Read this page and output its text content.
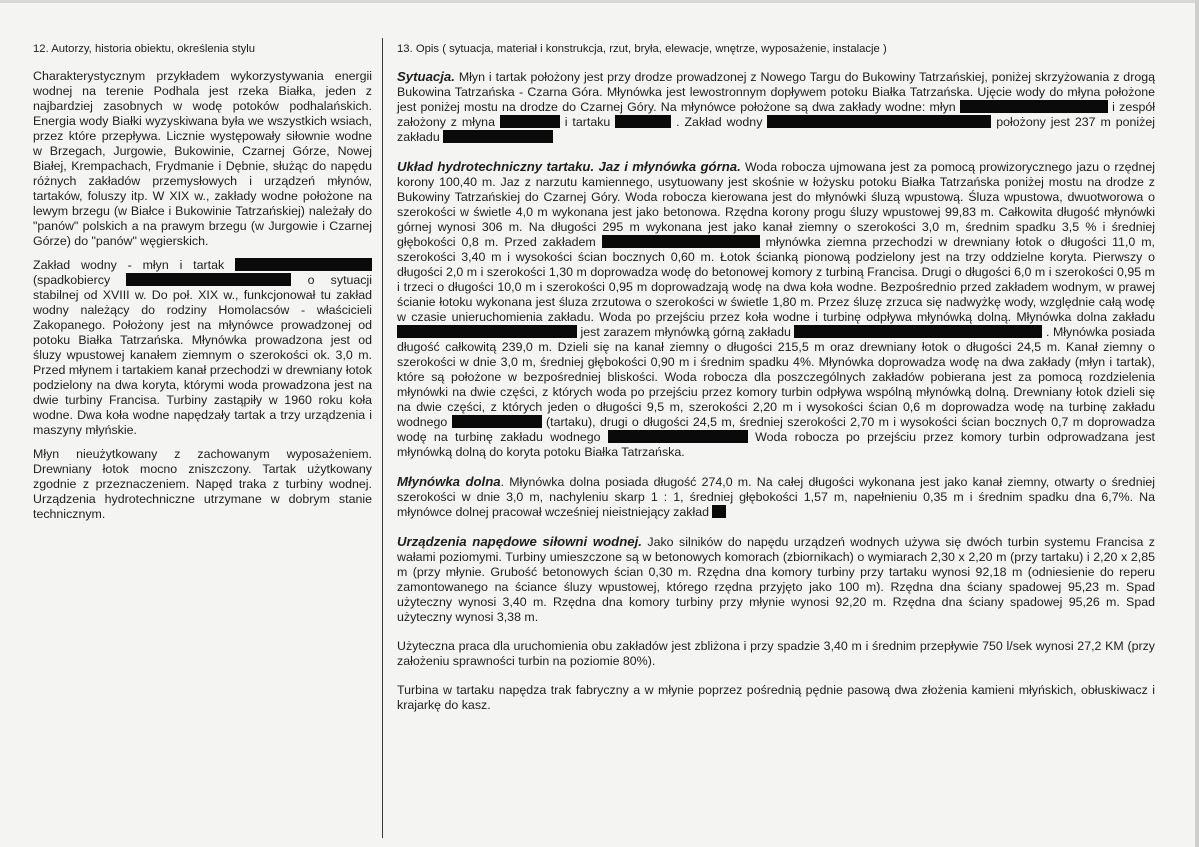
12. Autorzy, historia obiektu, określenia stylu

Charakterystycznym przykładem wykorzystywania energii wodnej na terenie Podhala jest rzeka Białka, jeden z najbardziej zasobnych w wodę potoków podhalańskich. Energia wody Białki wyzyskiwana była we wszystkich wsiach, przez które przepływa. Licznie występowały siłownie wodne w Brzegach, Jurgowie, Bukowinie, Czarnej Górze, Nowej Białej, Krempachach, Frydmanie i Dębnie, służąc do napędu różnych zakładów przemysłowych i urządzeń młynów, tartaków, foluszy itp. W XIX w., zakłady wodne położone na lewym brzegu (w Białce i Bukowinie Tatrzańskiej) należały do "panów" polskich a na prawym brzegu (w Jurgowie i Czarnej Górze) do "panów" węgierskich.

Zakład wodny - młyn i tartak  (spadkobiercy	o sytuacji stabilnej od XVIII w. Do poł. XIX w., funkcjonował tu zakład wodny należący do rodziny Homolacsów - właścicieli Zakopanego. Położony jest na młynówce prowadzonej od potoku Białka Tatrzańska. Młynówka prowadzona jest od śluzy wpustowej kanałem ziemnym o szerokości ok. 3,0 m. Przed młynem i tartakiem kanał przechodzi w drewniany łotok podzielony na dwa koryta, którymi woda prowadzona jest na dwie turbiny Francisa. Turbiny zastąpiły w 1960 roku koła wodne. Dwa koła wodne napędzały tartak a trzy urządzenia i maszyny młyńskie.

Młyn nieużytkowany z zachowanym wyposażeniem. Drewniany łotok mocno zniszczony. Tartak użytkowany zgodnie z przeznaczeniem. Napęd traka z turbiny wodnej. Urządzenia hydrotechniczne utrzymane w dobrym stanie technicznym.

13. Opis ( sytuacja, materiał i konstrukcja, rzut, bryła, elewacje, wnętrze, wyposażenie, instalacje )

Sytuacja. Młyn i tartak położony jest przy drodze prowadzonej z Nowego Targu do Bukowiny Tatrzańskiej, poniżej skrzyżowania z drogą Bukowina Tatrzańska - Czarna Góra. Młynówka jest lewostronnym dopływem potoku Białka Tatrzańska. Ujęcie wody do młyna położone jest poniżej mostu na drodze do Czarnej Góry. Na młynówce położone są dwa zakłady wodne: młyn	i zespół założony z młyna	i tartaku	. Zakład wodny	położony jest 237 m poniżej zakładu

Układ hydrotechniczny tartaku. Jaz i młynówka górna. Woda robocza ujmowana jest za pomocą prowizorycznego jazu o rzędnej korony 100,40 m. Jaz z narzutu kamiennego, usytuowany jest skośnie w łożysku potoku Białka Tatrzańska poniżej mostu na drodze z Bukowiny Tatrzańskiej do Czarnej Góry. Woda robocza kierowana jest do młynówki śluzą wpustową. Śluza wpustowa, dwuotworowa o szerokości w świetle 4,0 m wykonana jest jako betonowa. Rzędna korony progu śluzy wpustowej 99,83 m. Całkowita długość młynówki górnej wynosi 306 m. Na długości 295 m wykonana jest jako kanał ziemny o szerokości 3,0 m, średnim spadku 3,5 % i średniej głębokości 0,8 m. Przed zakładem	młynówka ziemna przechodzi w drewniany łotok o długości 11,0 m, szerokości 3,40 m i wysokości ścian bocznych 0,60 m. Łotok ścianką pionową podzielony jest na trzy oddzielne koryta. Pierwszy o długości 2,0 m i szerokości 1,30 m doprowadza wodę do betonowej komory z turbiną Francisa. Drugi o długości 6,0 m i szerokości 0,95 m i trzeci o długości 10,0 m i szerokości 0,95 m doprowadzają wodę na dwa koła wodne. Bezpośrednio przed zakładem wodnym, w prawej ścianie łotoku wykonana jest śluza zrzutowa o szerokości w świetle 1,80 m. Przez śluzę zrzuca się nadwyżkę wody, względnie całą wodę w czasie unieruchomienia zakładu. Woda po przejściu przez koła wodne i turbinę odpływa młynówką dolną. Młynówka dolna zakładu  jest zarazem młynówką górną zakładu	. Młynówka posiada długość całkowitą 239,0 m. Dzieli się na kanał ziemny o długości 215,5 m oraz drewniany łotok o długości 24,5 m. Kanał ziemny o szerokości w dnie 3,0 m, średniej głębokości 0,90 m i średnim spadku 4%. Młynówka doprowadza wodę na dwa zakłady (młyn i tartak), które są położone w bezpośredniej bliskości. Woda robocza dla poszczególnych zakładów pobierana jest za pomocą rozdzielenia młynówki na dwie części, z których woda po przejściu przez komory turbin odpływa wspólną młynówką dolną. Drewniany łotok dzieli się na dwie części, z których jeden o długości 9,5 m, szerokości 2,20 m i wysokości ścian 0,6 m doprowadza wodę na turbinę zakładu wodnego	(tartaku), drugi o długości 24,5 m, średniej szerokości 2,70 m i wysokości ścian bocznych 0,7 m doprowadza wodę na turbinę zakładu wodnego	Woda robocza po przejściu przez komory turbin odprowadzana jest młynówką dolną do koryta potoku Białka Tatrzańska.

Młynówka dolna. Młynówka dolna posiada długość 274,0 m. Na całej długości wykonana jest jako kanał ziemny, otwarty o średniej szerokości w dnie 3,0 m, nachyleniu skarp 1 : 1, średniej głębokości 1,57 m, napełnieniu 0,35 m i średnim spadku dna 6,7%. Na młynówce dolnej pracował wcześniej nieistniejący zakład

Urządzenia napędowe siłowni wodnej. Jako silników do napędu urządzeń wodnych używa się dwóch turbin systemu Francisa z wałami poziomymi. Turbiny umieszczone są w betonowych komorach (zbiornikach) o wymiarach 2,30 x 2,20 m (przy tartaku) i 2,20 x 2,85 m (przy młynie. Grubość betonowych ścian 0,30 m. Rzędna dna komory turbiny przy tartaku wynosi 92,18 m (odniesienie do reperu zamontowanego na ściance śluzy wpustowej, którego rzędna przyjęto jako 100 m). Rzędna dna ściany spadowej 95,23 m. Spad użyteczny wynosi 3,40 m. Rzędna dna komory turbiny przy młynie wynosi 92,20 m. Rzędna dna ściany spadowej 95,26 m. Spad użyteczny wynosi 3,38 m.

Użyteczna praca dla uruchomienia obu zakładów jest zbliżona i przy spadzie 3,40 m i średnim przepływie 750 l/sek wynosi 27,2 KM (przy założeniu sprawności turbin na poziomie 80%).

Turbina w tartaku napędza trak fabryczny a w młynie poprzez pośrednią pędnie pasową dwa złożenia kamieni młyńskich, obłuskiwacz i krajarkę do kasz.
